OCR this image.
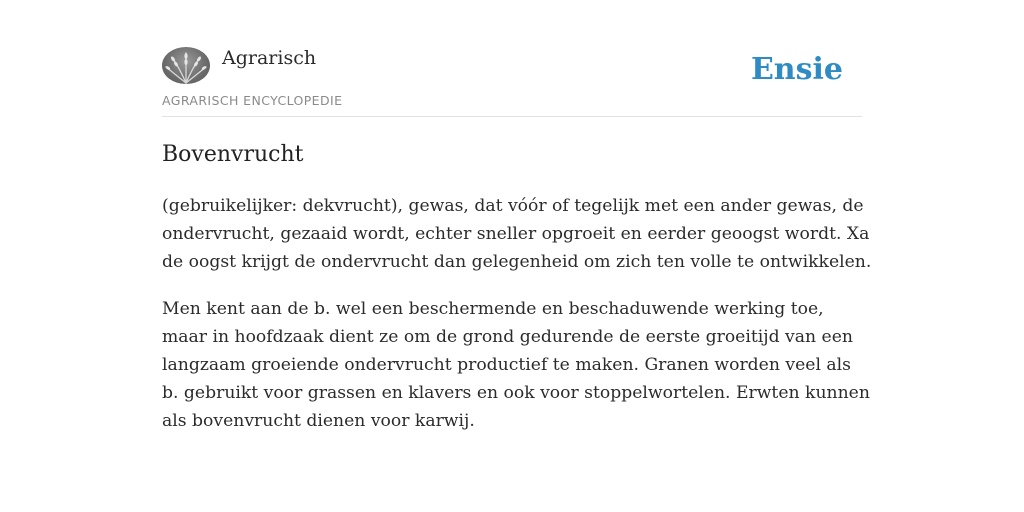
Agrarisch
AGRARISCH ENCYCLOPEDIE
Ensie
Bovenvrucht

(gebruikelijker: dekvrucht), gewas, dat vóór of tegelijk met een ander gewas, de ondervrucht, gezaaid wordt, echter sneller opgroeit en eerder geoogst wordt. Xa de oogst krijgt de ondervrucht dan gelegenheid om zich ten volle te ontwikkelen.

Men kent aan de b. wel een beschermende en beschaduwende werking toe, maar in hoofdzaak dient ze om de grond gedurende de eerste groeitijd van een langzaam groeiende ondervrucht productief te maken. Granen worden veel als b. gebruikt voor grassen en klavers en ook voor stoppelwortelen. Erwten kunnen als bovenvrucht dienen voor karwij.
